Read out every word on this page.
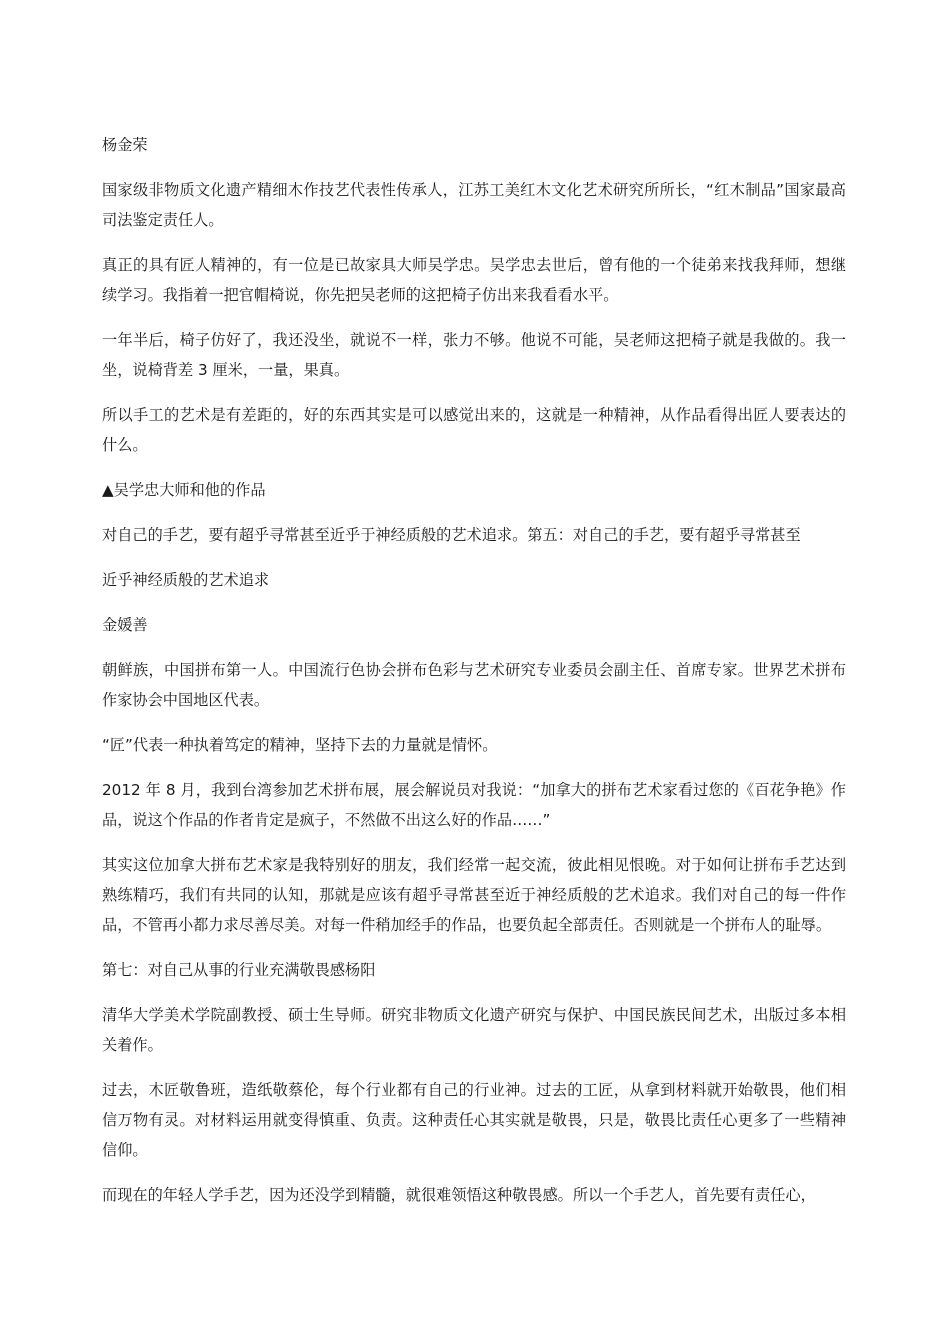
杨金荣

国家级非物质文化遗产精细木作技艺代表性传承人，江苏工美红木文化艺术研究所所长，“红木制品”国家最高司法鉴定责任人。

真正的具有匠人精神的，有一位是已故家具大师吴学忠。吴学忠去世后，曾有他的一个徒弟来找我拜师，想继续学习。我指着一把官帽椅说，你先把吴老师的这把椅子仿出来我看看水平。

一年半后，椅子仿好了，我还没坐，就说不一样，张力不够。他说不可能，吴老师这把椅子就是我做的。我一坐，说椅背差 3 厘米，一量，果真。

所以手工的艺术是有差距的，好的东西其实是可以感觉出来的，这就是一种精神，从作品看得出匠人要表达的什么。

▲吴学忠大师和他的作品

对自己的手艺，要有超乎寻常甚至近乎于神经质般的艺术追求。第五：对自己的手艺，要有超乎寻常甚至

近乎神经质般的艺术追求

金媛善

朝鲜族，中国拼布第一人。中国流行色协会拼布色彩与艺术研究专业委员会副主任、首席专家。世界艺术拼布作家协会中国地区代表。

“匠”代表一种执着笃定的精神，坚持下去的力量就是情怀。

2012 年 8 月，我到台湾参加艺术拼布展，展会解说员对我说：“加拿大的拼布艺术家看过您的《百花争艳》作品，说这个作品的作者肯定是疯子，不然做不出这么好的作品……”

其实这位加拿大拼布艺术家是我特别好的朋友，我们经常一起交流，彼此相见恨晚。对于如何让拼布手艺达到熟练精巧，我们有共同的认知，那就是应该有超乎寻常甚至近于神经质般的艺术追求。我们对自己的每一件作品，不管再小都力求尽善尽美。对每一件稍加经手的作品，也要负起全部责任。否则就是一个拼布人的耻辱。

第七：对自己从事的行业充满敬畏感杨阳

清华大学美术学院副教授、硕士生导师。研究非物质文化遗产研究与保护、中国民族民间艺术，出版过多本相关着作。

过去，木匠敬鲁班，造纸敬蔡伦，每个行业都有自己的行业神。过去的工匠，从拿到材料就开始敬畏，他们相信万物有灵。对材料运用就变得慎重、负责。这种责任心其实就是敬畏，只是，敬畏比责任心更多了一些精神信仰。

而现在的年轻人学手艺，因为还没学到精髓，就很难领悟这种敬畏感。所以一个手艺人，首先要有责任心，
